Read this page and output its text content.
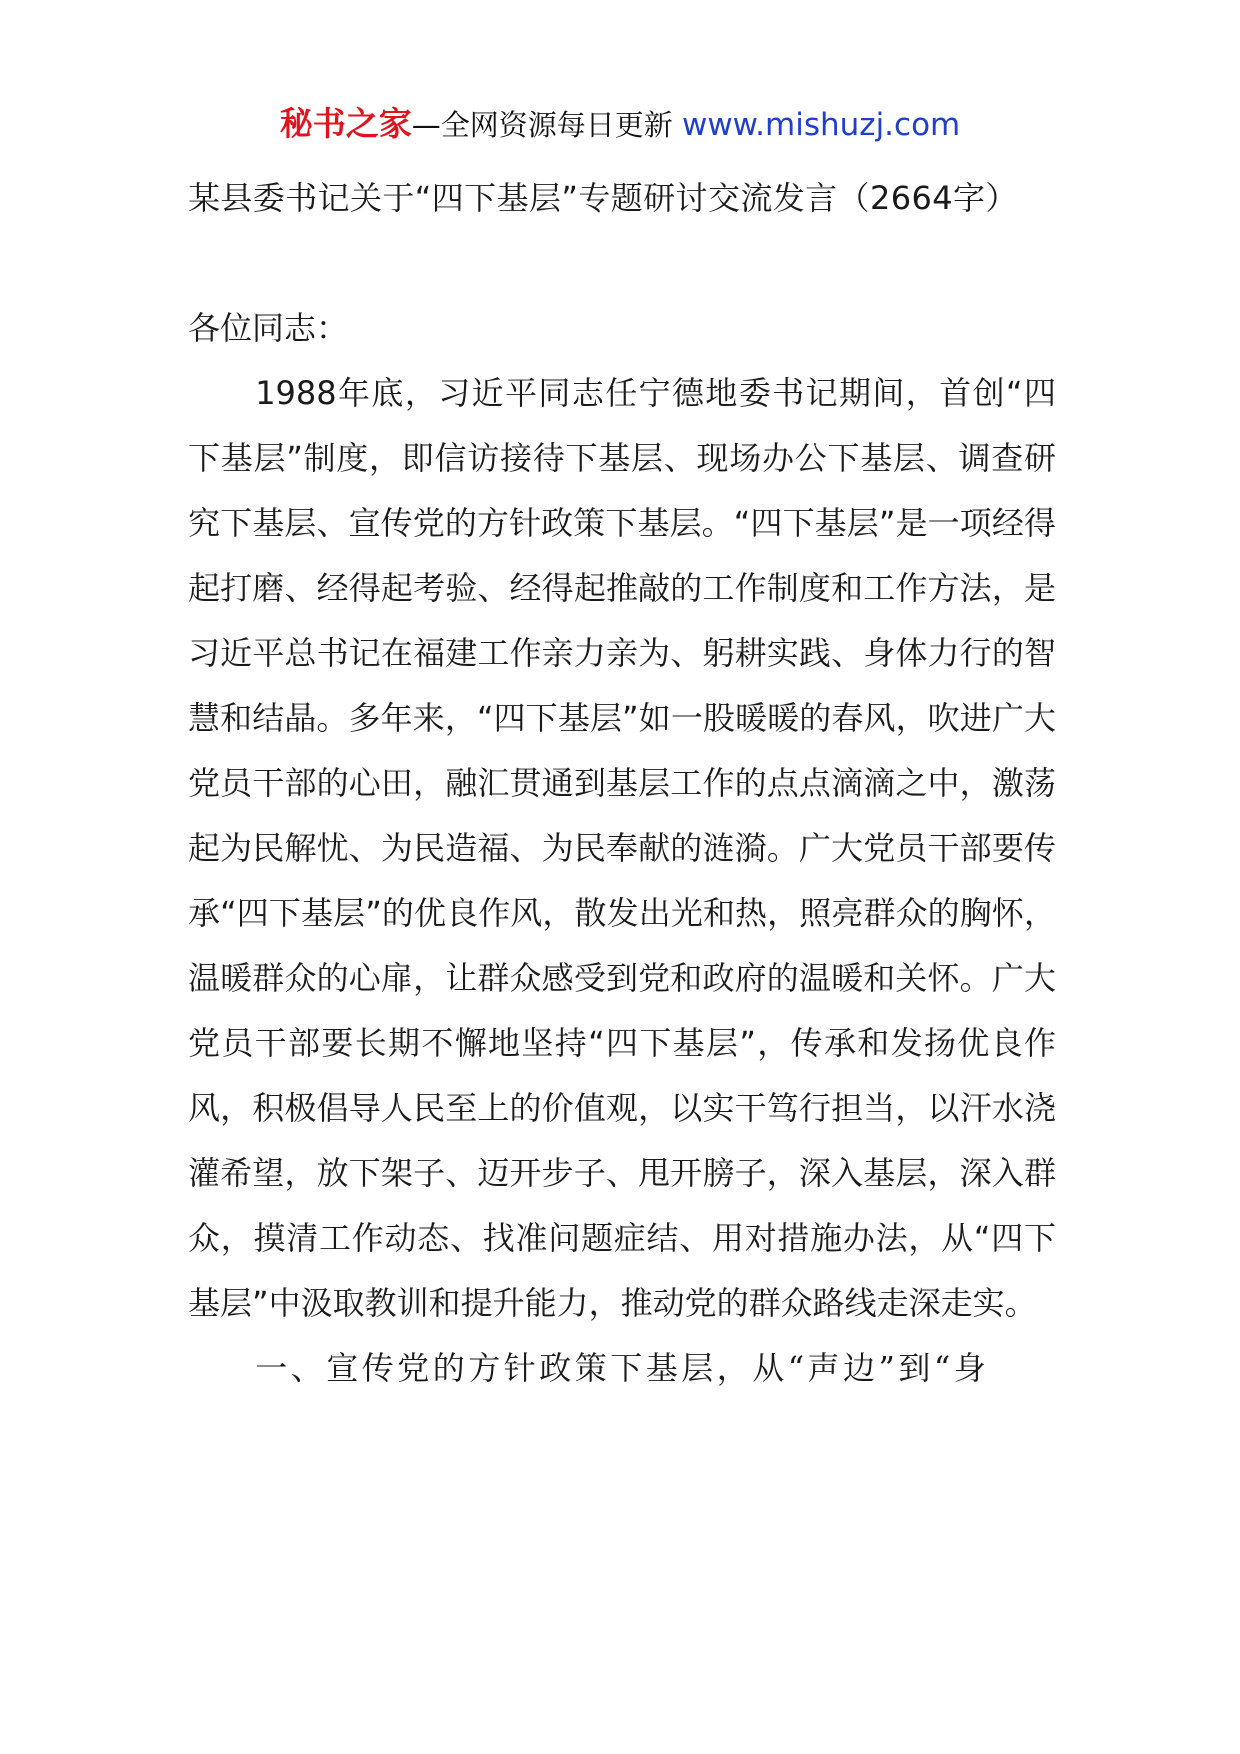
秘书之家—全网资源每日更新 www.mishuzj.com

某县委书记关于“四下基层”专题研讨交流发言（2664字）

各位同志：

1988年底，习近平同志任宁德地委书记期间，首创“四下基层”制度，即信访接待下基层、现场办公下基层、调查研究下基层、宣传党的方针政策下基层。“四下基层”是一项经得起打磨、经得起考验、经得起推敲的工作制度和工作方法，是习近平总书记在福建工作亲力亲为、躬耕实践、身体力行的智慧和结晶。多年来，“四下基层”如一股暖暖的春风，吹进广大党员干部的心田，融汇贯通到基层工作的点点滴滴之中，激荡起为民解忧、为民造福、为民奉献的涟漪。广大党员干部要传承“四下基层”的优良作风，散发出光和热，照亮群众的胸怀，温暖群众的心扉，让群众感受到党和政府的温暖和关怀。广大党员干部要长期不懈地坚持“四下基层”，传承和发扬优良作风，积极倡导人民至上的价值观，以实干笃行担当，以汗水浇灌希望，放下架子、迈开步子、甩开膀子，深入基层，深入群众，摸清工作动态、找准问题症结、用对措施办法，从“四下基层”中汲取教训和提升能力，推动党的群众路线走深走实。

一、宣传党的方针政策下基层，从“声边”到“身
